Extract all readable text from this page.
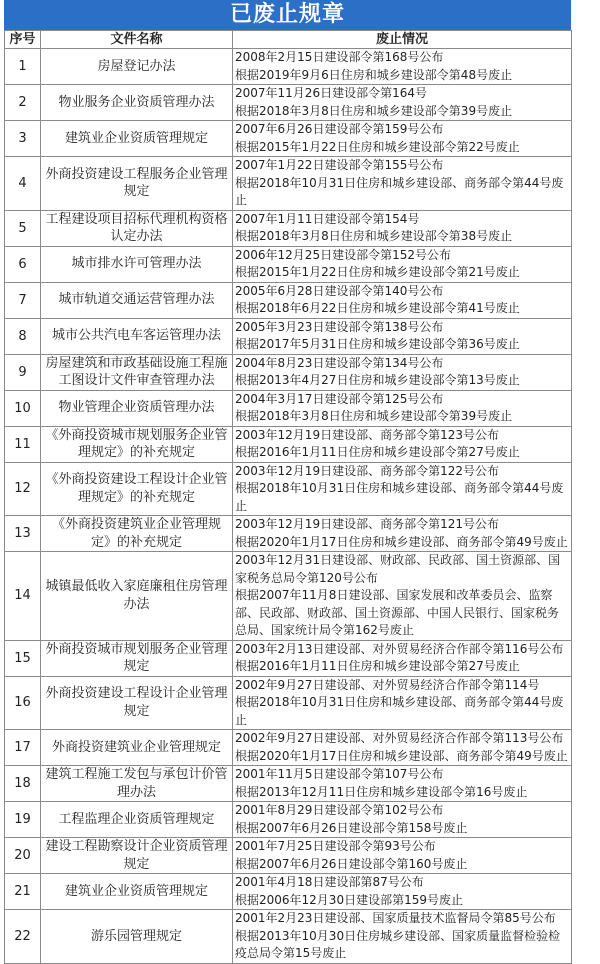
已废止规章
序号	文件名称	废止情况
1	房屋登记办法	2008年2月15日建设部令第168号公布
根据2019年9月6日住房和城乡建设部令第48号废止

2	物业服务企业资质管理办法	2007年11月26日建设部令第164号
根据2018年3月8日住房和城乡建设部令第39号废止

3	建筑业企业资质管理规定	2007年6月26日建设部令第159号公布
根据2015年1月22日住房和城乡建设部令第22号废止

4	外商投资建设工程服务企业管理规定	2007年1月22日建设部令第155号公布
根据2018年10月31日住房和城乡建设部、商务部令第44号废止

5	工程建设项目招标代理机构资格认定办法	2007年1月11日建设部令第154号
根据2018年3月8日住房和城乡建设部令第38号废止

6	城市排水许可管理办法	2006年12月25日建设部令第152号公布
根据2015年1月22日住房和城乡建设部令第21号废止

7	城市轨道交通运营管理办法	2005年6月28日建设部令第140号公布
根据2018年6月22日住房和城乡建设部令第41号废止

8	城市公共汽电车客运管理办法	2005年3月23日建设部令第138号公布
根据2017年5月31日住房和城乡建设部令第36号废止

9	房屋建筑和市政基础设施工程施工图设计文件审查管理办法	2004年8月23日建设部令第134号公布
根据2013年4月27日住房和城乡建设部令第13号废止

10	物业管理企业资质管理办法	2004年3月17日建设部令第125号公布
根据2018年3月8日住房和城乡建设部令第39号废止

11	《外商投资城市规划服务企业管理规定》的补充规定	2003年12月19日建设部、商务部令第123号公布
根据2016年1月11日住房和城乡建设部令第27号废止

12	《外商投资建设工程设计企业管理规定》的补充规定	2003年12月19日建设部、商务部令第122号公布
根据2018年10月31日住房和城乡建设部、商务部令第44号废止

13	《外商投资建筑业企业管理规定》的补充规定	2003年12月19日建设部、商务部令第121号公布
根据2020年1月17日住房和城乡建设部、商务部令第49号废止

14	城镇最低收入家庭廉租住房管理办法	2003年12月31日建设部、财政部、民政部、国土资源部、国家税务总局令第120号公布
根据2007年11月8日建设部、国家发展和改革委员会、监察部、民政部、财政部、国土资源部、中国人民银行、国家税务总局、国家统计局令第162号废止

15	外商投资城市规划服务企业管理规定	2003年2月13日建设部、对外贸易经济合作部令第116号公布
根据2016年1月11日住房和城乡建设部令第27号废止

16	外商投资建设工程设计企业管理规定	2002年9月27日建设部、对外贸易经济合作部令第114号
根据2018年10月31日住房和城乡建设部、商务部令第44号废止

17	外商投资建筑业企业管理规定	2002年9月27日建设部、对外贸易经济合作部令第113号公布
根据2020年1月17日住房和城乡建设部、商务部令第49号废止

18	建筑工程施工发包与承包计价管理办法	2001年11月5日建设部令第107号公布
根据2013年12月11日住房和城乡建设部令第16号废止

19	工程监理企业资质管理规定	2001年8月29日建设部令第102号公布
根据2007年6月26日建设部令第158号废止

20	建设工程勘察设计企业资质管理规定	2001年7月25日建设部令第93号公布
根据2007年6月26日建设部令第160号废止

21	建筑业企业资质管理规定	2001年4月18日建设部第87号公布
根据2006年12月30日建设部第159号废止

22	游乐园管理规定	2001年2月23日建设部、国家质量技术监督局令第85号公布
根据2013年10月30日住房城乡建设部、国家质量监督检验检疫总局令第15号废止
